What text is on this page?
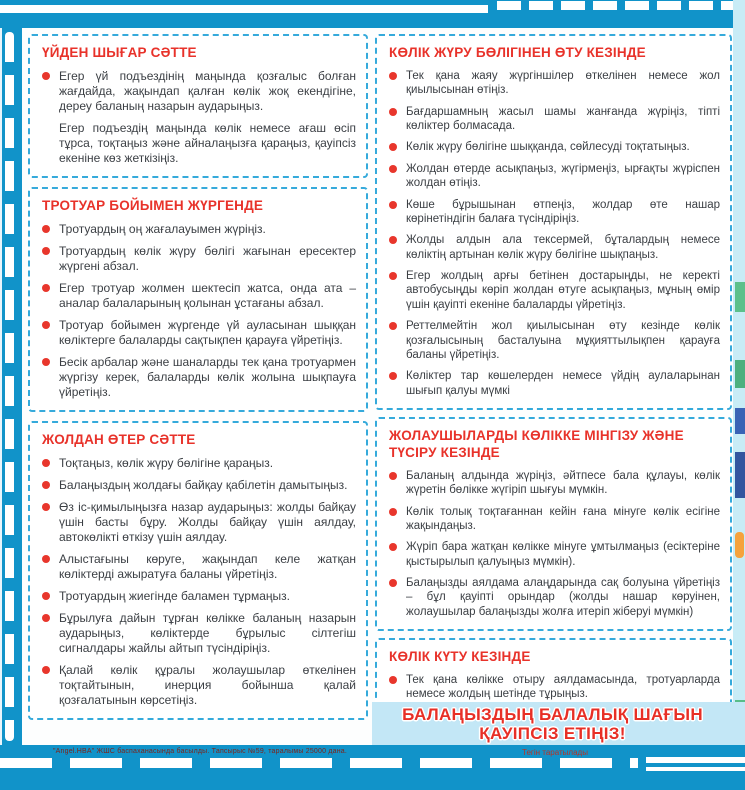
ҮЙДЕН ШЫҒАР СӘТТЕ
Егер үй подъездінің маңында қозғалыс болған жағдайда, жақындап қалған көлік жоқ екендігіне, дереу баланың назарын аударыңыз.
Егер подъездің маңында көлік немесе ағаш өсіп тұрса, тоқтаңыз және айналаңызға қараңыз, қауіпсіз екеніне көз жеткізіңіз.
ТРОТУАР БОЙЫМЕН ЖҮРГЕНДЕ
Тротуардың оң жағалауымен жүріңіз.
Тротуардың көлік жүру бөлігі жағынан ересектер жүргені абзал.
Егер тротуар жолмен шектесіп жатса, онда ата – аналар балаларының қолынан ұстағаны абзал.
Тротуар бойымен жүргенде үй ауласынан шыққан көліктерге балаларды сақтықпен қарауға үйретіңіз.
Бесік арбалар және шаналарды тек қана тротуармен жүргізу керек, балаларды көлік жолына шықпауға үйретіңіз.
ЖОЛДАН ӨТЕР СӘТТЕ
Тоқтаңыз, көлік жүру бөлігіне қараңыз.
Балаңыздың жолдағы байқау қабілетін дамытыңыз.
Өз іс-қимылыңызға назар аударыңыз: жолды байқау үшін басты бұру. Жолды байқау үшін аялдау, автокөлікті өткізу үшін аялдау.
Алыстағыны көруге, жақындап келе жатқан көліктерді ажыратуға баланы үйретіңіз.
Тротуардың жиегінде баламен тұрмаңыз.
Бұрылуға дайын тұрған көлікке баланың назарын аударыңыз, көліктерде бұрылыс сілтегіш сигналдары жайлы айтып түсіндіріңіз.
Қалай көлік құралы жолаушылар өткелінен тоқтайтынын, инерция бойынша қалай қозғалатынын көрсетіңіз.
КӨЛІК ЖҮРУ БӨЛІГІНЕН ӨТУ КЕЗІНДЕ
Тек қана жаяу жүргіншілер өткелінен немесе жол қиылысынан өтіңіз.
Бағдаршамның жасыл шамы жанғанда жүріңіз, тіпті көліктер болмасада.
Көлік жүру бөлігіне шыққанда, сөйлесуді тоқтатыңыз.
Жолдан өтерде асықпаңыз, жүгірмеңіз, ырғақты жүріспен жолдан өтіңіз.
Көше бұрышынан өтпеңіз, жолдар өте нашар көрінетіндігін балаға түсіндіріңіз.
Жолды алдын ала тексермей, бұталардың немесе көліктің артынан көлік жүру бөлігіне шықпаңыз.
Егер жолдың арғы бетінен достарыңды, не керекті автобусыңды көріп жолдан өтуге асықпаңыз, мұның өмір үшін қауіпті екеніне балаларды үйретіңіз.
Реттелмейтін жол қиылысынан өту кезінде көлік қозғалысының басталуына мұқияттылықпен қарауға баланы үйретіңіз.
Көліктер тар көшелерден немесе үйдің аулаларынан шығып қалуы мүмкі
ЖОЛАУШЫЛАРДЫ КӨЛІККЕ МІНГІЗУ ЖӘНЕ ТҮСІРУ КЕЗІНДЕ
Баланың алдында жүріңіз, әйтпесе бала құлауы, көлік жүретін бөлікке жүгіріп шығуы мүмкін.
Көлік толық тоқтағаннан кейін ғана мінуге көлік есігіне жақындаңыз.
Жүріп бара жатқан көлікке мінуге ұмтылмаңыз (есіктеріне қыстырылып қалуыңыз мүмкін).
Балаңызды аялдама алаңдарында сақ болуына үйретіңіз – бұл қауіпті орындар (жолды нашар көруінен, жолаушылар балаңызды жолға итеріп жіберуі мүмкін)
КӨЛІК КҮТУ КЕЗІНДЕ
Тек қана көлікке отыру аялдамасында, тротуарларда немесе жолдың шетінде тұрыңыз.
БАЛАҢЫЗДЫҢ БАЛАЛЫҚ ШАҒЫН ҚАУІПСІЗ ЕТІҢІЗ!
"Angel.HBA" ЖШС баспаханасында басылды. Тапсырыс №59, таралымы 25000 дана.	Тегін таратылады
